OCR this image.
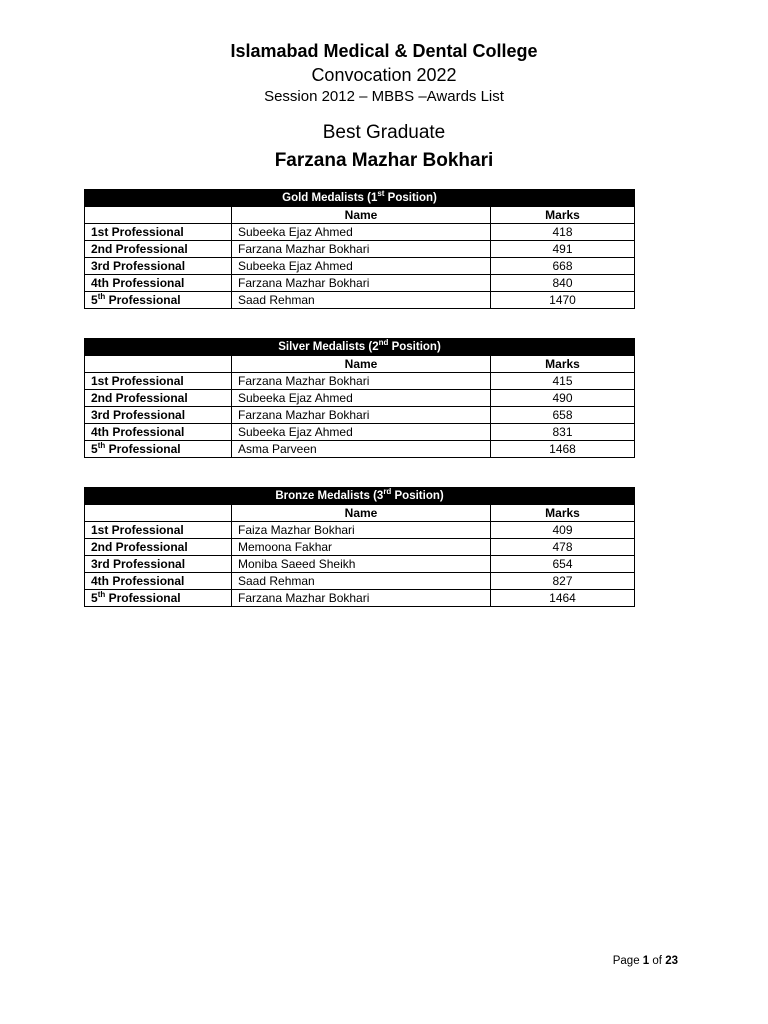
Islamabad Medical & Dental College
Convocation 2022
Session 2012 – MBBS –Awards List
Best Graduate
Farzana Mazhar Bokhari
Gold Medalists (1st Position)		
	Name	Marks
1st Professional	Subeeka Ejaz Ahmed	418
2nd Professional	Farzana Mazhar Bokhari	491
3rd Professional	Subeeka Ejaz Ahmed	668
4th Professional	Farzana Mazhar Bokhari	840
5th Professional	Saad Rehman	1470
Silver Medalists (2nd Position)		
	Name	Marks
1st Professional	Farzana Mazhar Bokhari	415
2nd Professional	Subeeka Ejaz Ahmed	490
3rd Professional	Farzana Mazhar Bokhari	658
4th Professional	Subeeka Ejaz Ahmed	831
5th Professional	Asma Parveen	1468
Bronze Medalists (3rd Position)		
	Name	Marks
1st Professional	Faiza Mazhar Bokhari	409
2nd Professional	Memoona Fakhar	478
3rd Professional	Moniba Saeed Sheikh	654
4th Professional	Saad Rehman	827
5th Professional	Farzana Mazhar Bokhari	1464
Page 1 of 23
